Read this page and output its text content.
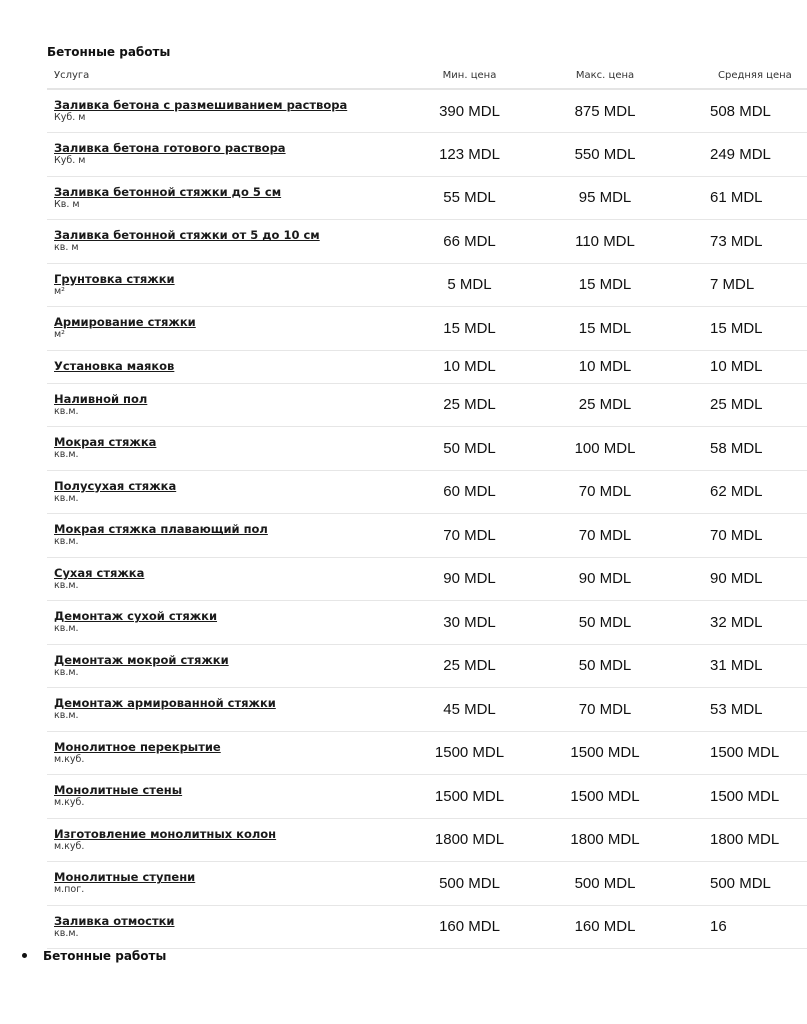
Бетонные работы
Услуга	Мин. цена	Макс. цена	Средняя цена

Заливка бетона с размешиванием раствора
Куб. м	390 MDL	875 MDL	508 MDL

Заливка бетона готового раствора
Куб. м	123 MDL	550 MDL	249 MDL

Заливка бетонной стяжки до 5 см
Кв. м	55 MDL	95 MDL	61 MDL

Заливка бетонной стяжки от 5 до 10 см
кв. м	66 MDL	110 MDL	73 MDL

Грунтовка стяжки
м²	5 MDL	15 MDL	7 MDL

Армирование стяжки
м²	15 MDL	15 MDL	15 MDL

Установка маяков	10 MDL	10 MDL	10 MDL

Наливной пол
кв.м.	25 MDL	25 MDL	25 MDL

Мокрая стяжка
кв.м.	50 MDL	100 MDL	58 MDL

Полусухая стяжка
кв.м.	60 MDL	70 MDL	62 MDL

Мокрая стяжка плавающий пол
кв.м.	70 MDL	70 MDL	70 MDL

Сухая стяжка
кв.м.	90 MDL	90 MDL	90 MDL

Демонтаж сухой стяжки
кв.м.	30 MDL	50 MDL	32 MDL

Демонтаж мокрой стяжки
кв.м.	25 MDL	50 MDL	31 MDL

Демонтаж армированной стяжки
кв.м.	45 MDL	70 MDL	53 MDL

Монолитное перекрытие
м.куб.	1500 MDL	1500 MDL	1500 MDL

Монолитные стены
м.куб.	1500 MDL	1500 MDL	1500 MDL

Изготовление монолитных колон
м.куб.	1800 MDL	1800 MDL	1800 MDL

Монолитные ступени
м.пог.	500 MDL	500 MDL	500 MDL

Заливка отмостки
кв.м.	160 MDL	160 MDL	16
Бетонные работы
